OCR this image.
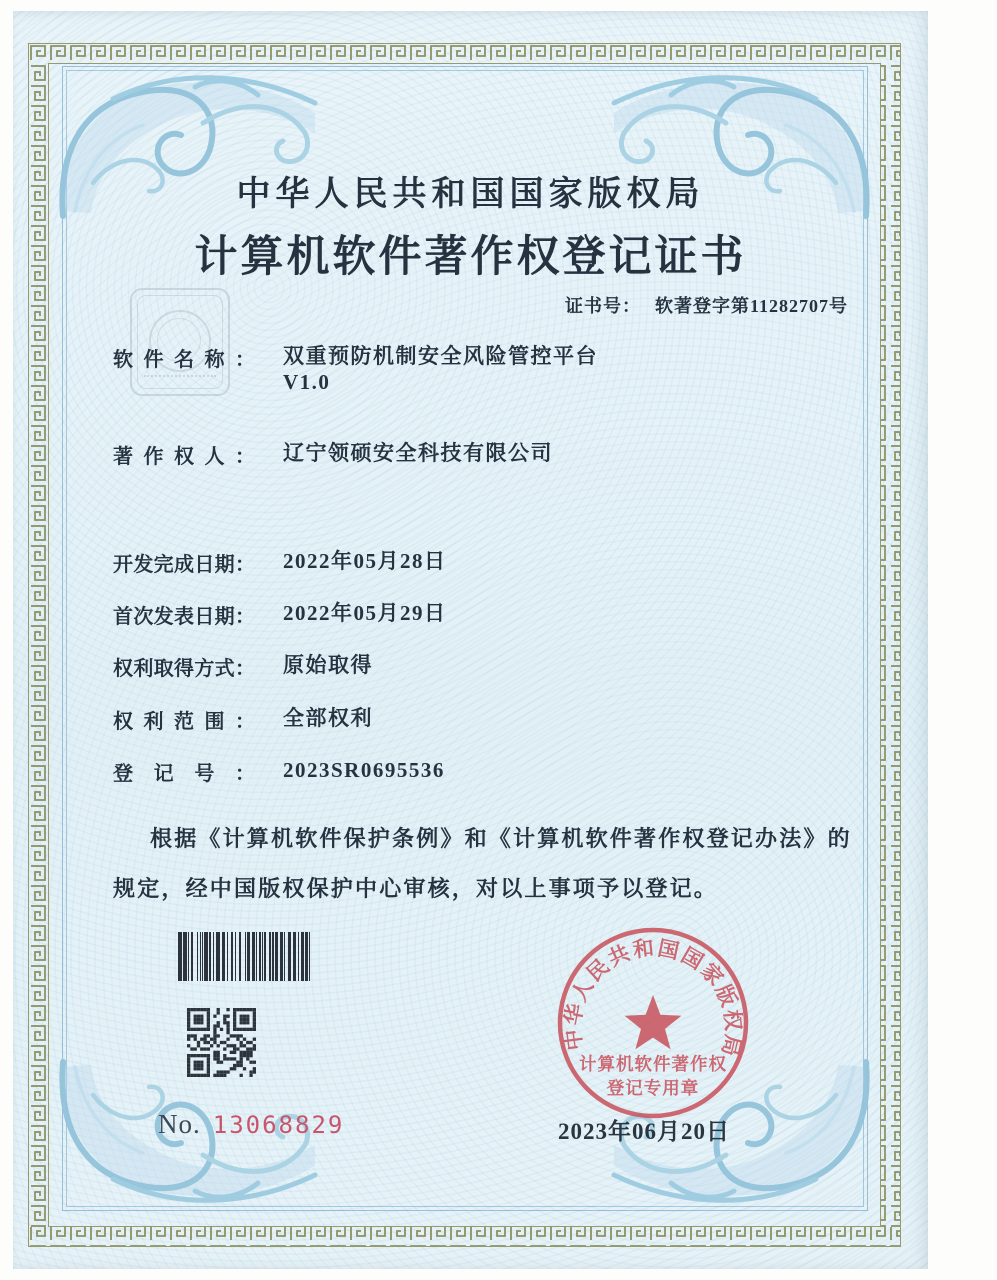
中华人民共和国国家版权局
计算机软件著作权登记证书
证书号： 软著登字第11282707号
软 件 名 称 ： 双重预防机制安全风险管控平台
V1.0
著 作 权 人 ： 辽宁领硕安全科技有限公司
开 发 完 成 日 期 ： 2022年05月28日
首 次 发 表 日 期 ： 2022年05月29日
权 利 取 得 方 式 ： 原始取得
权 利 范 围 ： 全部权利
登 记 号 ： 2023SR0695536
根据《计算机软件保护条例》和《计算机软件著作权登记办法》的
规定，经中国版权保护中心审核，对以上事项予以登记。
No. 13068829
中华人民共和国国家版权局
计算机软件著作权
登记专用章
2023年06月20日
